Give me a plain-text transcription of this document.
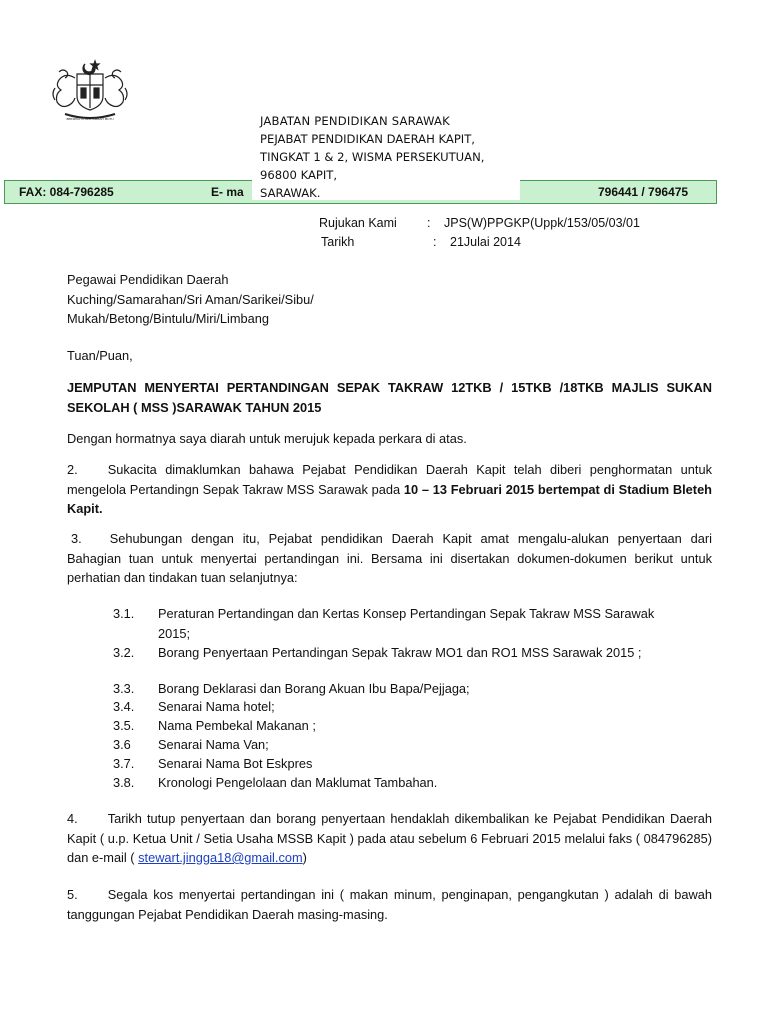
BERSEKUTU BERTAMBAH MUTU
FAX: 084-796285	E- ma	796441 / 796475
JABATAN PENDIDIKAN SARAWAK
PEJABAT PENDIDIKAN DAERAH KAPIT,
TINGKAT 1 & 2, WISMA PERSEKUTUAN,
96800 KAPIT,
SARAWAK.
Rujukan Kami : JPS(W)PPGKP(Uppk/153/05/03/01
Tarikh	: 21Julai 2014
Pegawai Pendidikan Daerah
Kuching/Samarahan/Sri Aman/Sarikei/Sibu/
Mukah/Betong/Bintulu/Miri/Limbang
Tuan/Puan,
JEMPUTAN MENYERTAI PERTANDINGAN SEPAK TAKRAW 12TKB / 15TKB /18TKB MAJLIS SUKAN SEKOLAH ( MSS )SARAWAK TAHUN 2015
Dengan hormatnya saya diarah untuk merujuk kepada perkara di atas.
2. Sukacita dimaklumkan bahawa Pejabat Pendidikan Daerah Kapit telah diberi penghormatan untuk mengelola Pertandingn Sepak Takraw MSS Sarawak pada 10 – 13 Februari 2015 bertempat di Stadium Bleteh Kapit.
3. Sehubungan dengan itu, Pejabat pendidikan Daerah Kapit amat mengalu-alukan penyertaan dari Bahagian tuan untuk menyertai pertandingan ini. Bersama ini disertakan dokumen-dokumen berikut untuk perhatian dan tindakan tuan selanjutnya:
3.1. Peraturan Pertandingan dan Kertas Konsep Pertandingan Sepak Takraw MSS Sarawak 2015;
3.2. Borang Penyertaan Pertandingan Sepak Takraw MO1 dan RO1 MSS Sarawak 2015 ;
3.3. Borang Deklarasi dan Borang Akuan Ibu Bapa/Pejjaga;
3.4. Senarai Nama hotel;
3.5. Nama Pembekal Makanan ;
3.6 Senarai Nama Van;
3.7. Senarai Nama Bot Eskpres
3.8. Kronologi Pengelolaan dan Maklumat Tambahan.
4. Tarikh tutup penyertaan dan borang penyertaan hendaklah dikembalikan ke Pejabat Pendidikan Daerah Kapit ( u.p. Ketua Unit / Setia Usaha MSSB Kapit ) pada atau sebelum 6 Februari 2015 melalui faks ( 084796285) dan e-mail ( stewart.jingga18@gmail.com)
5. Segala kos menyertai pertandingan ini ( makan minum, penginapan, pengangkutan ) adalah di bawah tanggungan Pejabat Pendidikan Daerah masing-masing.
